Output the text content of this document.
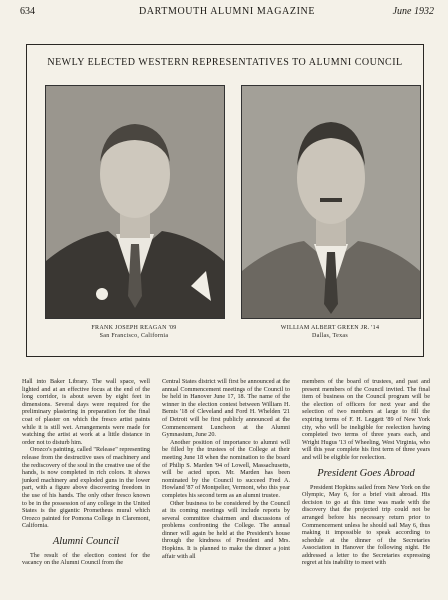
634	DARTMOUTH ALUMNI MAGAZINE	June 1932
NEWLY ELECTED WESTERN REPRESENTATIVES TO ALUMNI COUNCIL
FRANK JOSEPH REAGAN '09
San Francisco, California
WILLIAM ALBERT GREEN JR. '14
Dallas, Texas

Hall into Baker Library. The wall space, well lighted and at an effective focus at the end of the long corridor, is about seven by eight feet in dimensions. Several days were required for the preliminary plastering in preparation for the final coat of plaster on which the fresco artist paints while it is still wet. Arrangements were made for watching the artist at work at a little distance in order not to disturb him.

Orozco's painting, called "Release" representing release from the destructive uses of machinery and the rediscovery of the soul in the creative use of the hands, is now completed in rich colors. It shows junked machinery and exploded guns in the lower part, with a figure above discovering freedom in the use of his hands. The only other fresco known to be in the possession of any college in the United States is the gigantic Prometheus mural which Orozco painted for Pomona College in Claremont, California.

Alumni Council

The result of the election contest for the vacancy on the Alumni Council from the

Central States district will first be announced at the annual Commencement meetings of the Council to be held in Hanover June 17, 18. The name of the winner in the election contest between William H. Bemis '18 of Cleveland and Ford H. Whelden '21 of Detroit will be first publicly announced at the Commencement Luncheon at the Alumni Gymnasium, June 20.

Another position of importance to alumni will be filled by the trustees of the College at their meeting June 18 when the nomination to the board of Philip S. Marden '94 of Lowell, Massachusetts, will be acted upon. Mr. Marden has been nominated by the Council to succeed Fred A. Howland '87 of Montpelier, Vermont, who this year completes his second term as an alumni trustee.

Other business to be considered by the Council at its coming meetings will include reports by several committee chairmen and discussions of problems confronting the College. The annual dinner will again be held at the President's house through the kindness of President and Mrs. Hopkins. It is planned to make the dinner a joint affair with all

members of the board of trustees, and past and present members of the Council invited. The final item of business on the Council program will be the election of officers for next year and the selection of two members at large to fill the expiring terms of F. H. Leggett '89 of New York city, who will be ineligible for reelection having completed two terms of three years each, and Wright Hugus '13 of Wheeling, West Virginia, who will this year complete his first term of three years and will be eligible for reelection.

President Goes Abroad

President Hopkins sailed from New York on the Olympic, May 6, for a brief visit abroad. His decision to go at this time was made with the discovery that the projected trip could not be arranged before his necessary return prior to Commencement unless he should sail May 6, thus making it impossible to speak according to schedule at the dinner of the Secretaries Association in Hanover the following night. He addressed a letter to the Secretaries expressing regret at his inability to meet with
